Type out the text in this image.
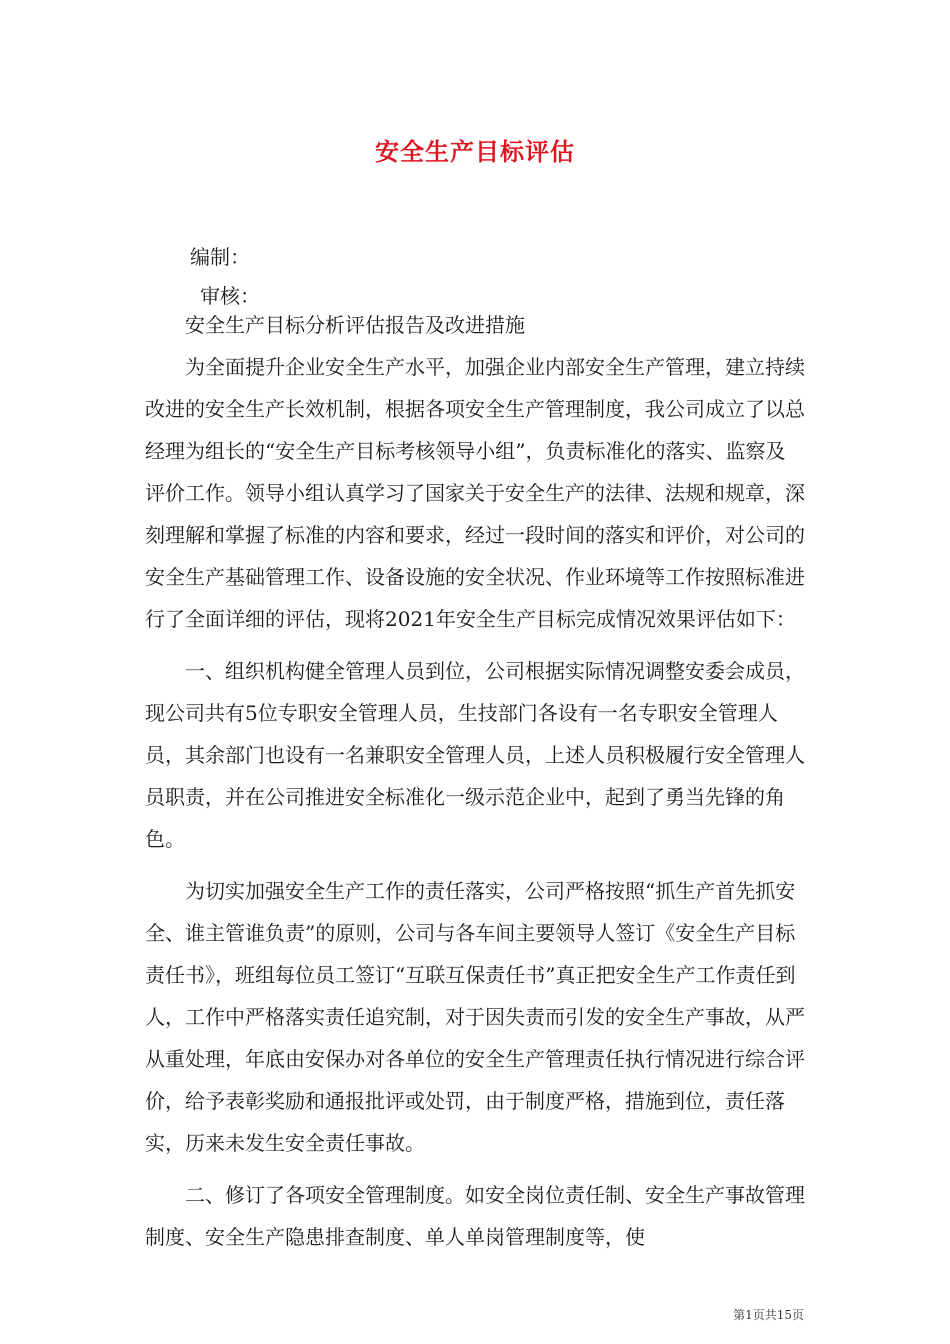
安全生产目标评估
编制：
审核：

安全生产目标分析评估报告及改进措施

为全面提升企业安全生产水平，加强企业内部安全生产管理，建立持续改进的安全生产长效机制，根据各项安全生产管理制度，我公司成立了以总经理为组长的“安全生产目标考核领导小组”，负责标准化的落实、监察及评价工作。领导小组认真学习了国家关于安全生产的法律、法规和规章，深刻理解和掌握了标准的内容和要求，经过一段时间的落实和评价，对公司的安全生产基础管理工作、设备设施的安全状况、作业环境等工作按照标准进行了全面详细的评估，现将2021年安全生产目标完成情况效果评估如下：

一、组织机构健全管理人员到位，公司根据实际情况调整安委会成员，现公司共有5位专职安全管理人员，生技部门各设有一名专职安全管理人员，其余部门也设有一名兼职安全管理人员，上述人员积极履行安全管理人员职责，并在公司推进安全标准化一级示范企业中，起到了勇当先锋的角色。

为切实加强安全生产工作的责任落实，公司严格按照“抓生产首先抓安全、谁主管谁负责”的原则，公司与各车间主要领导人签订《安全生产目标责任书》，班组每位员工签订“互联互保责任书”真正把安全生产工作责任到人，工作中严格落实责任追究制，对于因失责而引发的安全生产事故，从严从重处理，年底由安保办对各单位的安全生产管理责任执行情况进行综合评价，给予表彰奖励和通报批评或处罚，由于制度严格，措施到位，责任落实，历来未发生安全责任事故。

二、修订了各项安全管理制度。如安全岗位责任制、安全生产事故管理制度、安全生产隐患排查制度、单人单岗管理制度等，使

第1页共15页
